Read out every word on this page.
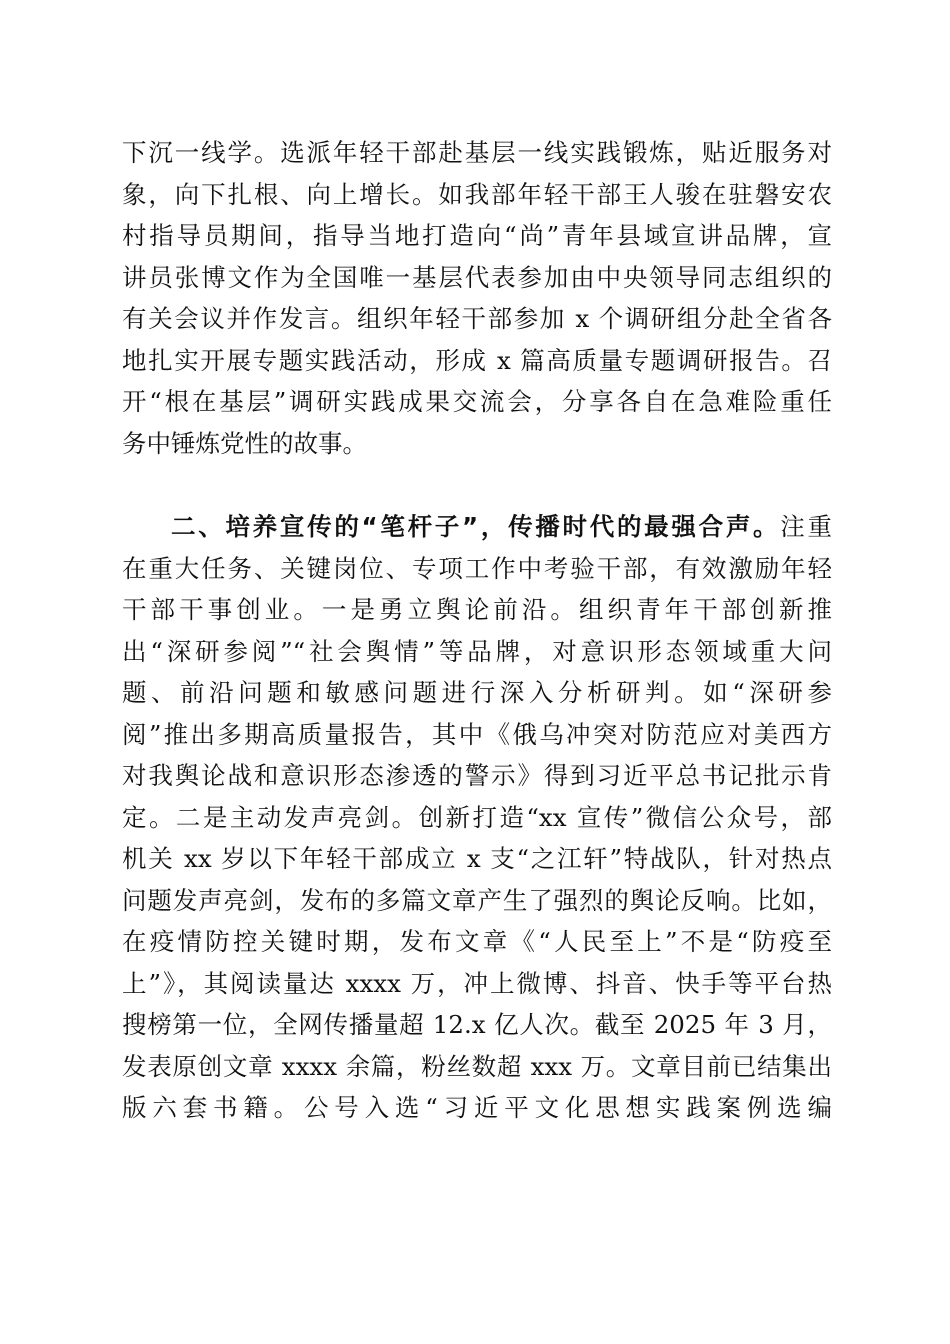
下沉一线学。选派年轻干部赴基层一线实践锻炼，贴近服务对
象，向下扎根、向上增长。如我部年轻干部王人骏在驻磐安农
村指导员期间，指导当地打造向“尚”青年县域宣讲品牌，宣
讲员张博文作为全国唯一基层代表参加由中央领导同志组织的
有关会议并作发言。组织年轻干部参加 x 个调研组分赴全省各
地扎实开展专题实践活动，形成 x 篇高质量专题调研报告。召
开“根在基层”调研实践成果交流会，分享各自在急难险重任
务中锤炼党性的故事。
二、培养宣传的“笔杆子”，传播时代的最强合声。注重
在重大任务、关键岗位、专项工作中考验干部，有效激励年轻
干部干事创业。一是勇立舆论前沿。组织青年干部创新推
出“深研参阅”“社会舆情”等品牌，对意识形态领域重大问
题、前沿问题和敏感问题进行深入分析研判。如“深研参
阅”推出多期高质量报告，其中《俄乌冲突对防范应对美西方
对我舆论战和意识形态渗透的警示》得到习近平总书记批示肯
定。二是主动发声亮剑。创新打造“xx 宣传”微信公众号，部
机关 xx 岁以下年轻干部成立 x 支“之江轩”特战队，针对热点
问题发声亮剑，发布的多篇文章产生了强烈的舆论反响。比如，
在疫情防控关键时期，发布文章《“人民至上”不是“防疫至
上”》，其阅读量达 xxxx 万，冲上微博、抖音、快手等平台热
搜榜第一位，全网传播量超 12.x 亿人次。截至 2025 年 3 月，
发表原创文章 xxxx 余篇，粉丝数超 xxx 万。文章目前已结集出
版六套书籍。公号入选“习近平文化思想实践案例选编
